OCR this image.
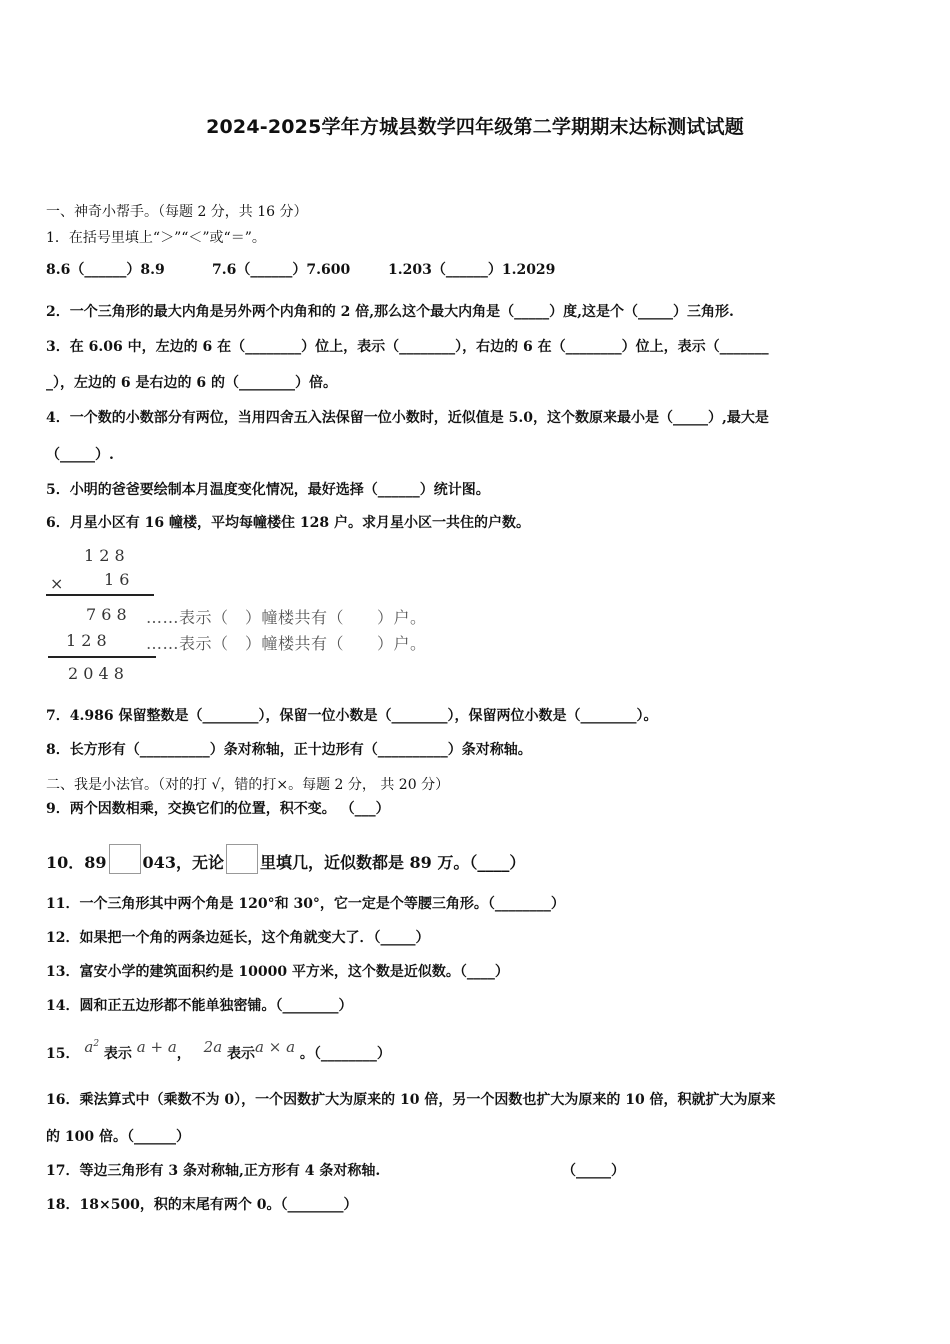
2024-2025学年方城县数学四年级第二学期期末达标测试试题
一、神奇小帮手。（每题 2 分，共 16 分）
1．在括号里填上“＞”“＜”或“＝”。
8.6（______）8.9	7.6（______）7.600	1.203（______）1.2029
2．一个三角形的最大内角是另外两个内角和的 2 倍,那么这个最大内角是（_____）度,这是个（_____）三角形.
3．在 6.06 中，左边的 6 在（________）位上，表示（________），右边的 6 在（________）位上，表示（_______
_），左边的 6 是右边的 6 的（________）倍。
4．一个数的小数部分有两位，当用四舍五入法保留一位小数时，近似值是 5.0，这个数原来最小是（_____）,最大是
（_____）.
5．小明的爸爸要绘制本月温度变化情况，最好选择（______）统计图。
6．月星小区有 16 幢楼，平均每幢楼住 128 户。求月星小区一共住的户数。
1 2 8
×	1 6
7 6 8 ……表示（　）幢楼共有（　　）户。
1 2 8 ……表示（　）幢楼共有（　　）户。
2 0 4 8
7．4.986 保留整数是（________），保留一位小数是（________），保留两位小数是（________）。
8．长方形有（__________）条对称轴，正十边形有（__________）条对称轴。
二、我是小法官。（对的打 √，错的打×。每题 2 分， 共 20 分）
9．两个因数相乘，交换它们的位置，积不变。 （___）
10．89 043，无论 里填几，近似数都是 89 万。（____）
11．一个三角形其中两个角是 120°和 30°，它一定是个等腰三角形。（________）
12．如果把一个角的两条边延长，这个角就变大了．（_____）
13．富安小学的建筑面积约是 10000 平方米，这个数是近似数。（____）
14．圆和正五边形都不能单独密铺。（________）
15． $a^2$ 表示 a + a， 2a 表示a × a 。（________）
16．乘法算式中（乘数不为 0），一个因数扩大为原来的 10 倍，另一个因数也扩大为原来的 10 倍，积就扩大为原来
的 100 倍。（______）
17．等边三角形有 3 条对称轴,正方形有 4 条对称轴.	（_____）
18．18×500，积的末尾有两个 0。（________）
